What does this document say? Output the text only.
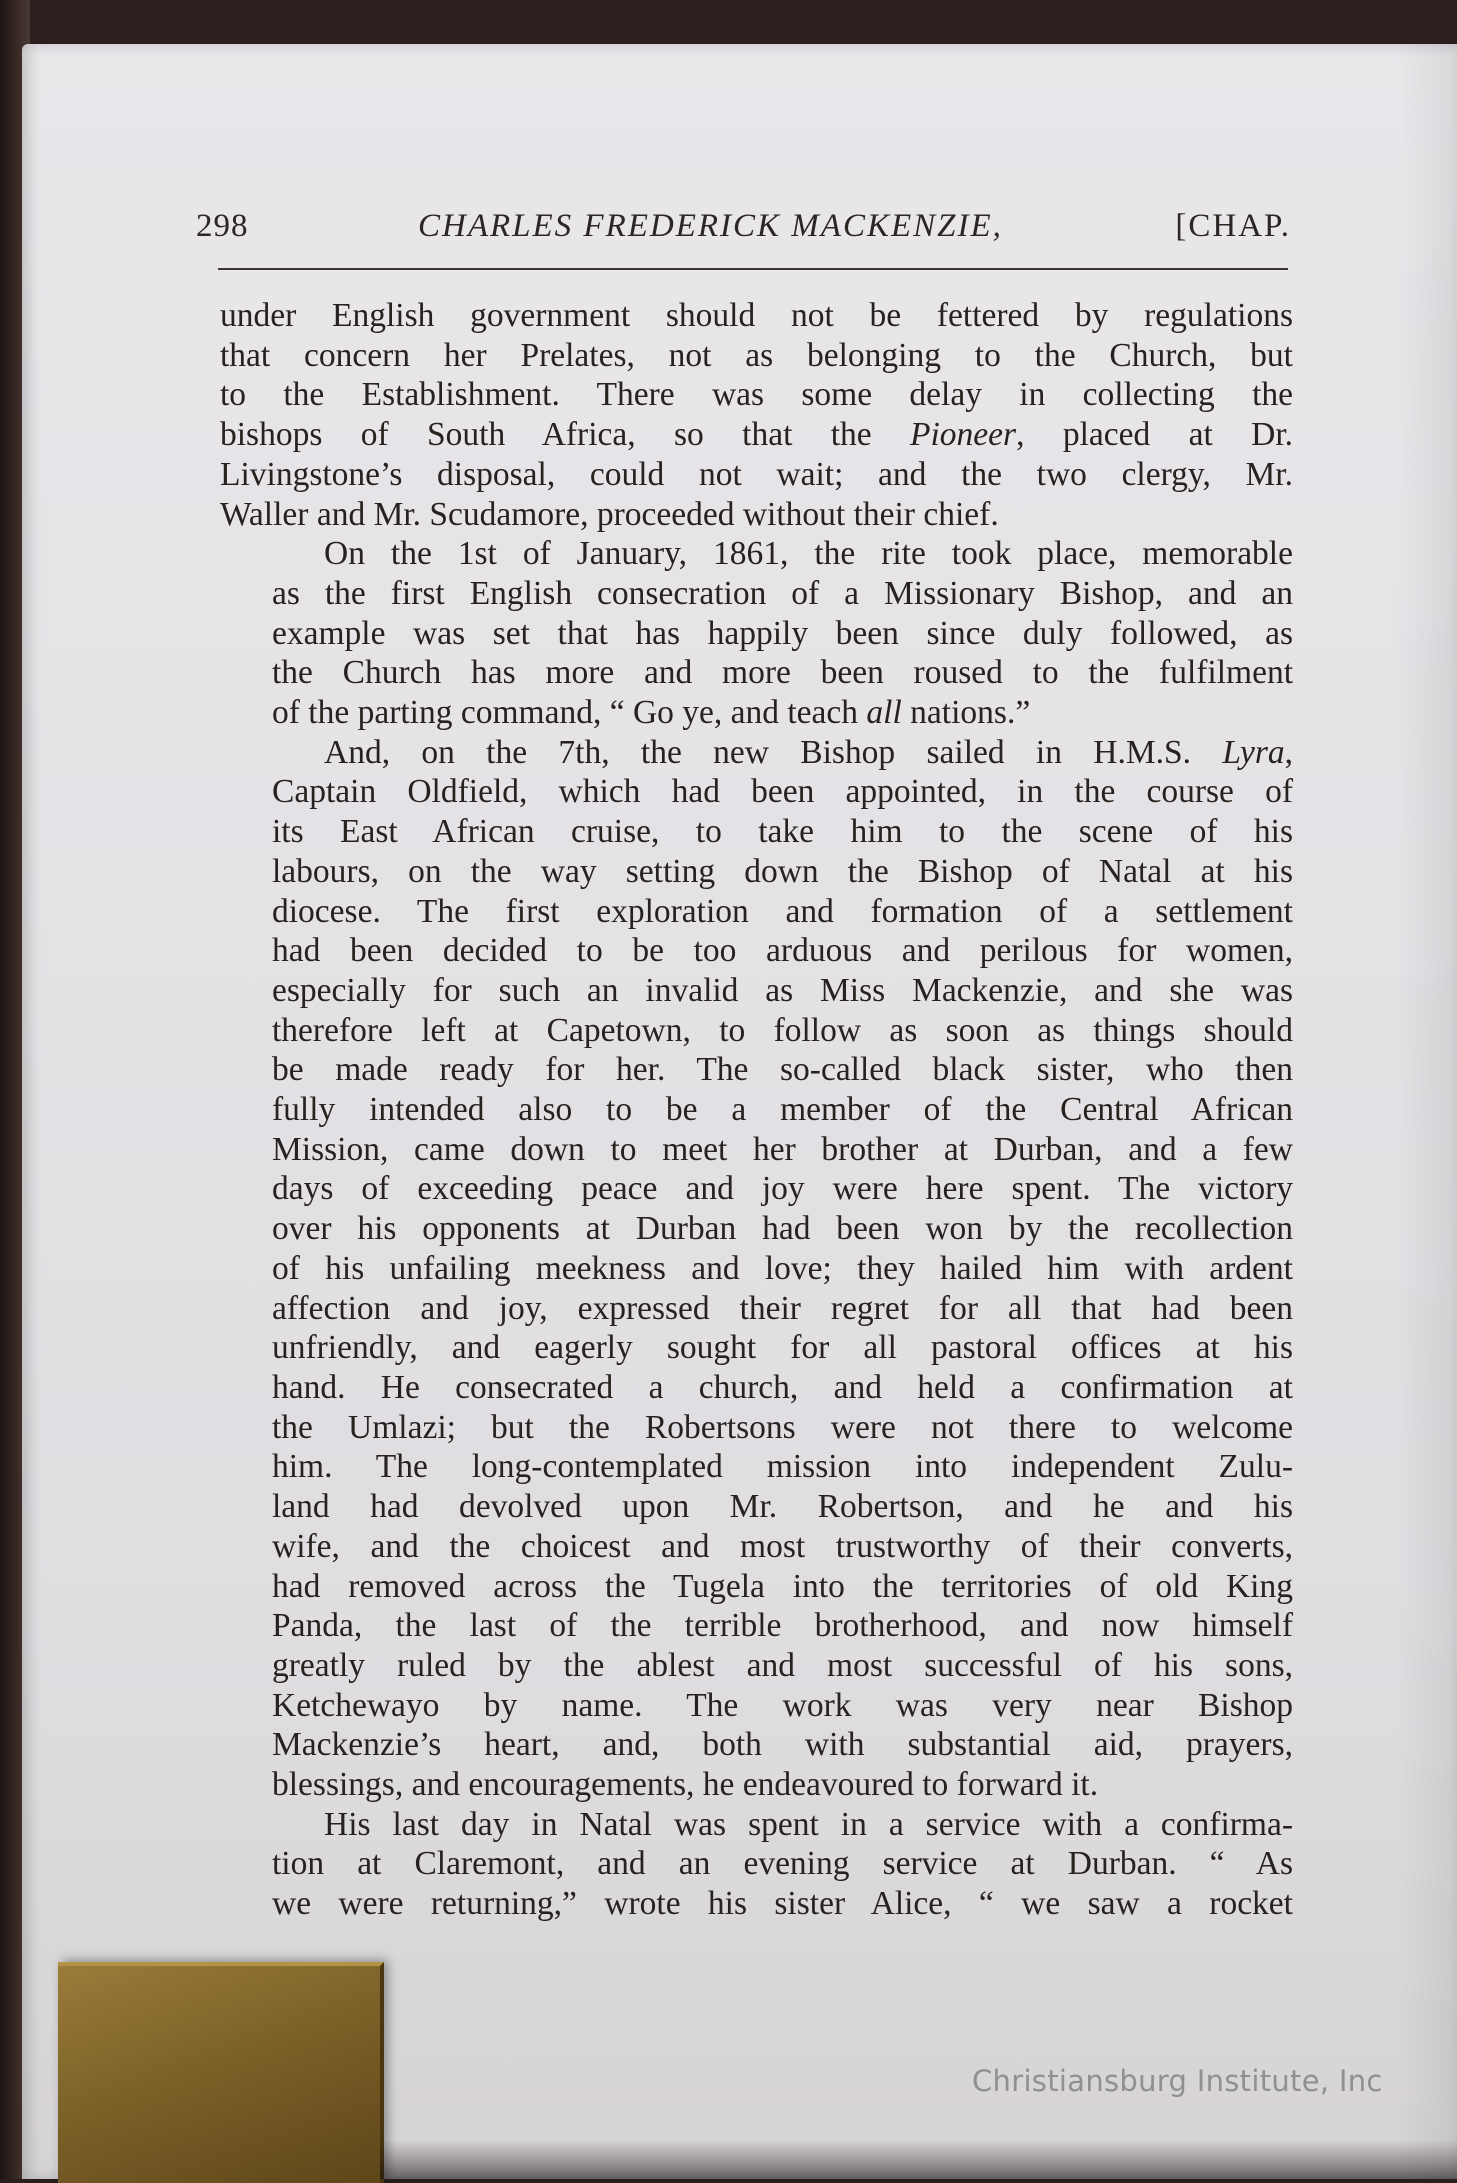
298	CHARLES FREDERICK MACKENZIE,	[CHAP.

under English government should not be fettered by regulations
that concern her Prelates, not as belonging to the Church, but
to the Establishment. There was some delay in collecting the
bishops of South Africa, so that the Pioneer, placed at Dr.
Livingstone’s disposal, could not wait; and the two clergy, Mr.
Waller and Mr. Scudamore, proceeded without their chief.

On the 1st of January, 1861, the rite took place, memorable
as the first English consecration of a Missionary Bishop, and an
example was set that has happily been since duly followed, as
the Church has more and more been roused to the fulfilment
of the parting command, “ Go ye, and teach all nations.”

And, on the 7th, the new Bishop sailed in H.M.S. Lyra,
Captain Oldfield, which had been appointed, in the course of
its East African cruise, to take him to the scene of his
labours, on the way setting down the Bishop of Natal at his
diocese. The first exploration and formation of a settlement
had been decided to be too arduous and perilous for women,
especially for such an invalid as Miss Mackenzie, and she was
therefore left at Capetown, to follow as soon as things should
be made ready for her. The so-called black sister, who then
fully intended also to be a member of the Central African
Mission, came down to meet her brother at Durban, and a few
days of exceeding peace and joy were here spent. The victory
over his opponents at Durban had been won by the recollection
of his unfailing meekness and love; they hailed him with ardent
affection and joy, expressed their regret for all that had been
unfriendly, and eagerly sought for all pastoral offices at his
hand. He consecrated a church, and held a confirmation at
the Umlazi; but the Robertsons were not there to welcome
him. The long-contemplated mission into independent Zulu-
land had devolved upon Mr. Robertson, and he and his
wife, and the choicest and most trustworthy of their converts,
had removed across the Tugela into the territories of old King
Panda, the last of the terrible brotherhood, and now himself
greatly ruled by the ablest and most successful of his sons,
Ketchewayo by name. The work was very near Bishop
Mackenzie’s heart, and, both with substantial aid, prayers,
blessings, and encouragements, he endeavoured to forward it.

His last day in Natal was spent in a service with a confirma-
tion at Claremont, and an evening service at Durban. “ As
we were returning,” wrote his sister Alice, “ we saw a rocket

Christiansburg Institute, Inc
